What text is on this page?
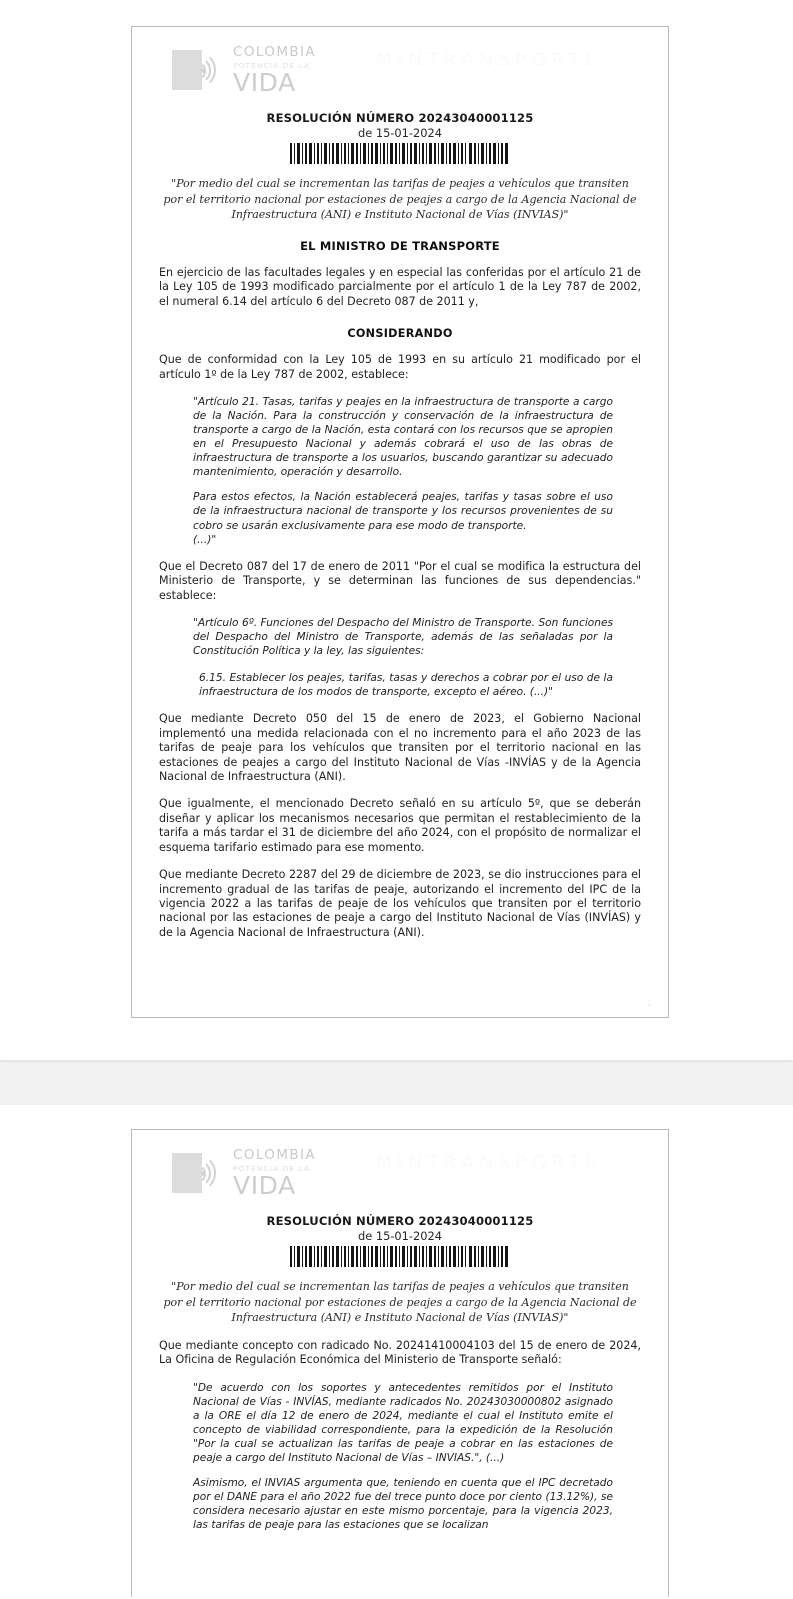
COLOMBIA
POTENCIA DE LA
VIDA
MINTRANSPORTE
RESOLUCIÓN NÚMERO 20243040001125
de 15-01-2024
"Por medio del cual se incrementan las tarifas de peajes a vehículos que transiten por el territorio nacional por estaciones de peajes a cargo de la Agencia Nacional de Infraestructura (ANI) e Instituto Nacional de Vías (INVIAS)"
EL MINISTRO DE TRANSPORTE

En ejercicio de las facultades legales y en especial las conferidas por el artículo 21 de la Ley 105 de 1993 modificado parcialmente por el artículo 1 de la Ley 787 de 2002, el numeral 6.14 del artículo 6 del Decreto 087 de 2011 y,

CONSIDERANDO

Que de conformidad con la Ley 105 de 1993 en su artículo 21 modificado por el artículo 1º de la Ley 787 de 2002, establece:

"Artículo 21. Tasas, tarifas y peajes en la infraestructura de transporte a cargo de la Nación. Para la construcción y conservación de la infraestructura de transporte a cargo de la Nación, esta contará con los recursos que se apropien en el Presupuesto Nacional y además cobrará el uso de las obras de infraestructura de transporte a los usuarios, buscando garantizar su adecuado mantenimiento, operación y desarrollo.

Para estos efectos, la Nación establecerá peajes, tarifas y tasas sobre el uso de la infraestructura nacional de transporte y los recursos provenientes de su cobro se usarán exclusivamente para ese modo de transporte.

(...)"

Que el Decreto 087 del 17 de enero de 2011 "Por el cual se modifica la estructura del Ministerio de Transporte, y se determinan las funciones de sus dependencias." establece:

"Artículo 6º. Funciones del Despacho del Ministro de Transporte. Son funciones del Despacho del Ministro de Transporte, además de las señaladas por la Constitución Política y la ley, las siguientes:

6.15. Establecer los peajes, tarifas, tasas y derechos a cobrar por el uso de la infraestructura de los modos de transporte, excepto el aéreo. (...)"

Que mediante Decreto 050 del 15 de enero de 2023, el Gobierno Nacional implementó una medida relacionada con el no incremento para el año 2023 de las tarifas de peaje para los vehículos que transiten por el territorio nacional en las estaciones de peajes a cargo del Instituto Nacional de Vías -INVÍAS y de la Agencia Nacional de Infraestructura (ANI).

Que igualmente, el mencionado Decreto señaló en su artículo 5º, que se deberán diseñar y aplicar los mecanismos necesarios que permitan el restablecimiento de la tarifa a más tardar el 31 de diciembre del año 2024, con el propósito de normalizar el esquema tarifario estimado para ese momento.

Que mediante Decreto 2287 del 29 de diciembre de 2023, se dio instrucciones para el incremento gradual de las tarifas de peaje, autorizando el incremento del IPC de la vigencia 2022 a las tarifas de peaje de los vehículos que transiten por el territorio nacional por las estaciones de peaje a cargo del Instituto Nacional de Vías (INVÍAS) y de la Agencia Nacional de Infraestructura (ANI).

1
COLOMBIA
POTENCIA DE LA
VIDA
MINTRANSPORTE
RESOLUCIÓN NÚMERO 20243040001125
de 15-01-2024
"Por medio del cual se incrementan las tarifas de peajes a vehículos que transiten por el territorio nacional por estaciones de peajes a cargo de la Agencia Nacional de Infraestructura (ANI) e Instituto Nacional de Vías (INVIAS)"

Que mediante concepto con radicado No. 20241410004103 del 15 de enero de 2024, La Oficina de Regulación Económica del Ministerio de Transporte señaló:

"De acuerdo con los soportes y antecedentes remitidos por el Instituto Nacional de Vías - INVÍAS, mediante radicados No. 20243030000802 asignado a la ORE el día 12 de enero de 2024, mediante el cual el Instituto emite el concepto de viabilidad correspondiente, para la expedición de la Resolución "Por la cual se actualizan las tarifas de peaje a cobrar en las estaciones de peaje a cargo del Instituto Nacional de Vías – INVIAS.", (...)

Asimismo, el INVIAS argumenta que, teniendo en cuenta que el IPC decretado por el DANE para el año 2022 fue del trece punto doce por ciento (13.12%), se considera necesario ajustar en este mismo porcentaje, para la vigencia 2023, las tarifas de peaje para las estaciones que se localizan
